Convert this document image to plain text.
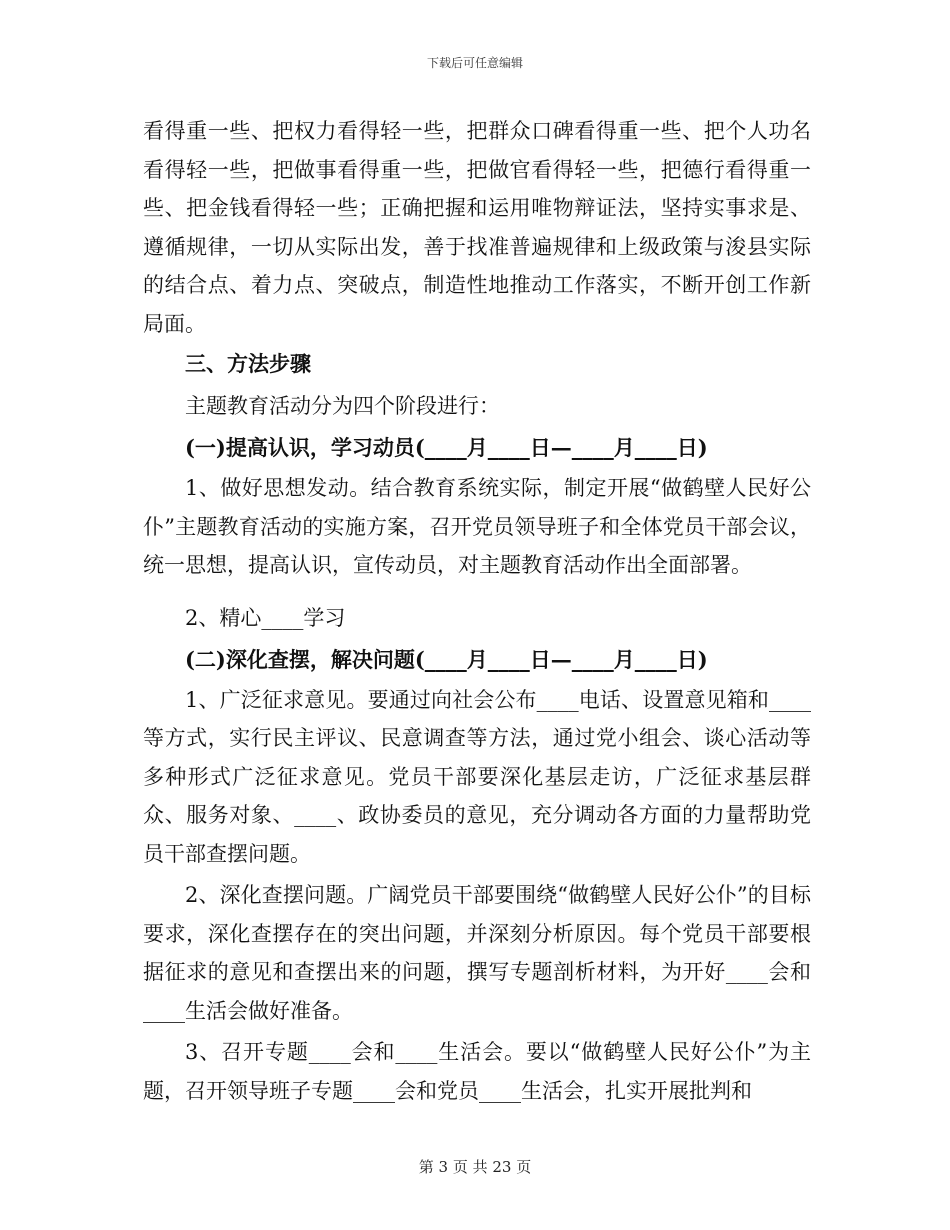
下载后可任意编辑

看得重一些、把权力看得轻一些，把群众口碑看得重一些、把个人功名看得轻一些，把做事看得重一些，把做官看得轻一些，把德行看得重一些、把金钱看得轻一些；正确把握和运用唯物辩证法，坚持实事求是、遵循规律，一切从实际出发，善于找准普遍规律和上级政策与浚县实际的结合点、着力点、突破点，制造性地推动工作落实，不断开创工作新局面。

三、方法步骤
主题教育活动分为四个阶段进行：
(一)提高认识，学习动员(____月____日—____月____日)

1、做好思想发动。结合教育系统实际，制定开展“做鹤壁人民好公仆”主题教育活动的实施方案，召开党员领导班子和全体党员干部会议，统一思想，提高认识，宣传动员，对主题教育活动作出全面部署。

2、精心____学习
(二)深化查摆，解决问题(____月____日—____月____日)

1、广泛征求意见。要通过向社会公布____电话、设置意见箱和____等方式，实行民主评议、民意调查等方法，通过党小组会、谈心活动等多种形式广泛征求意见。党员干部要深化基层走访，广泛征求基层群众、服务对象、____、政协委员的意见，充分调动各方面的力量帮助党员干部查摆问题。

2、深化查摆问题。广阔党员干部要围绕“做鹤壁人民好公仆”的目标要求，深化查摆存在的突出问题，并深刻分析原因。每个党员干部要根据征求的意见和查摆出来的问题，撰写专题剖析材料，为开好____会和____生活会做好准备。

3、召开专题____会和____生活会。要以“做鹤壁人民好公仆”为主题，召开领导班子专题____会和党员____生活会，扎实开展批判和

第 3 页 共 23 页
